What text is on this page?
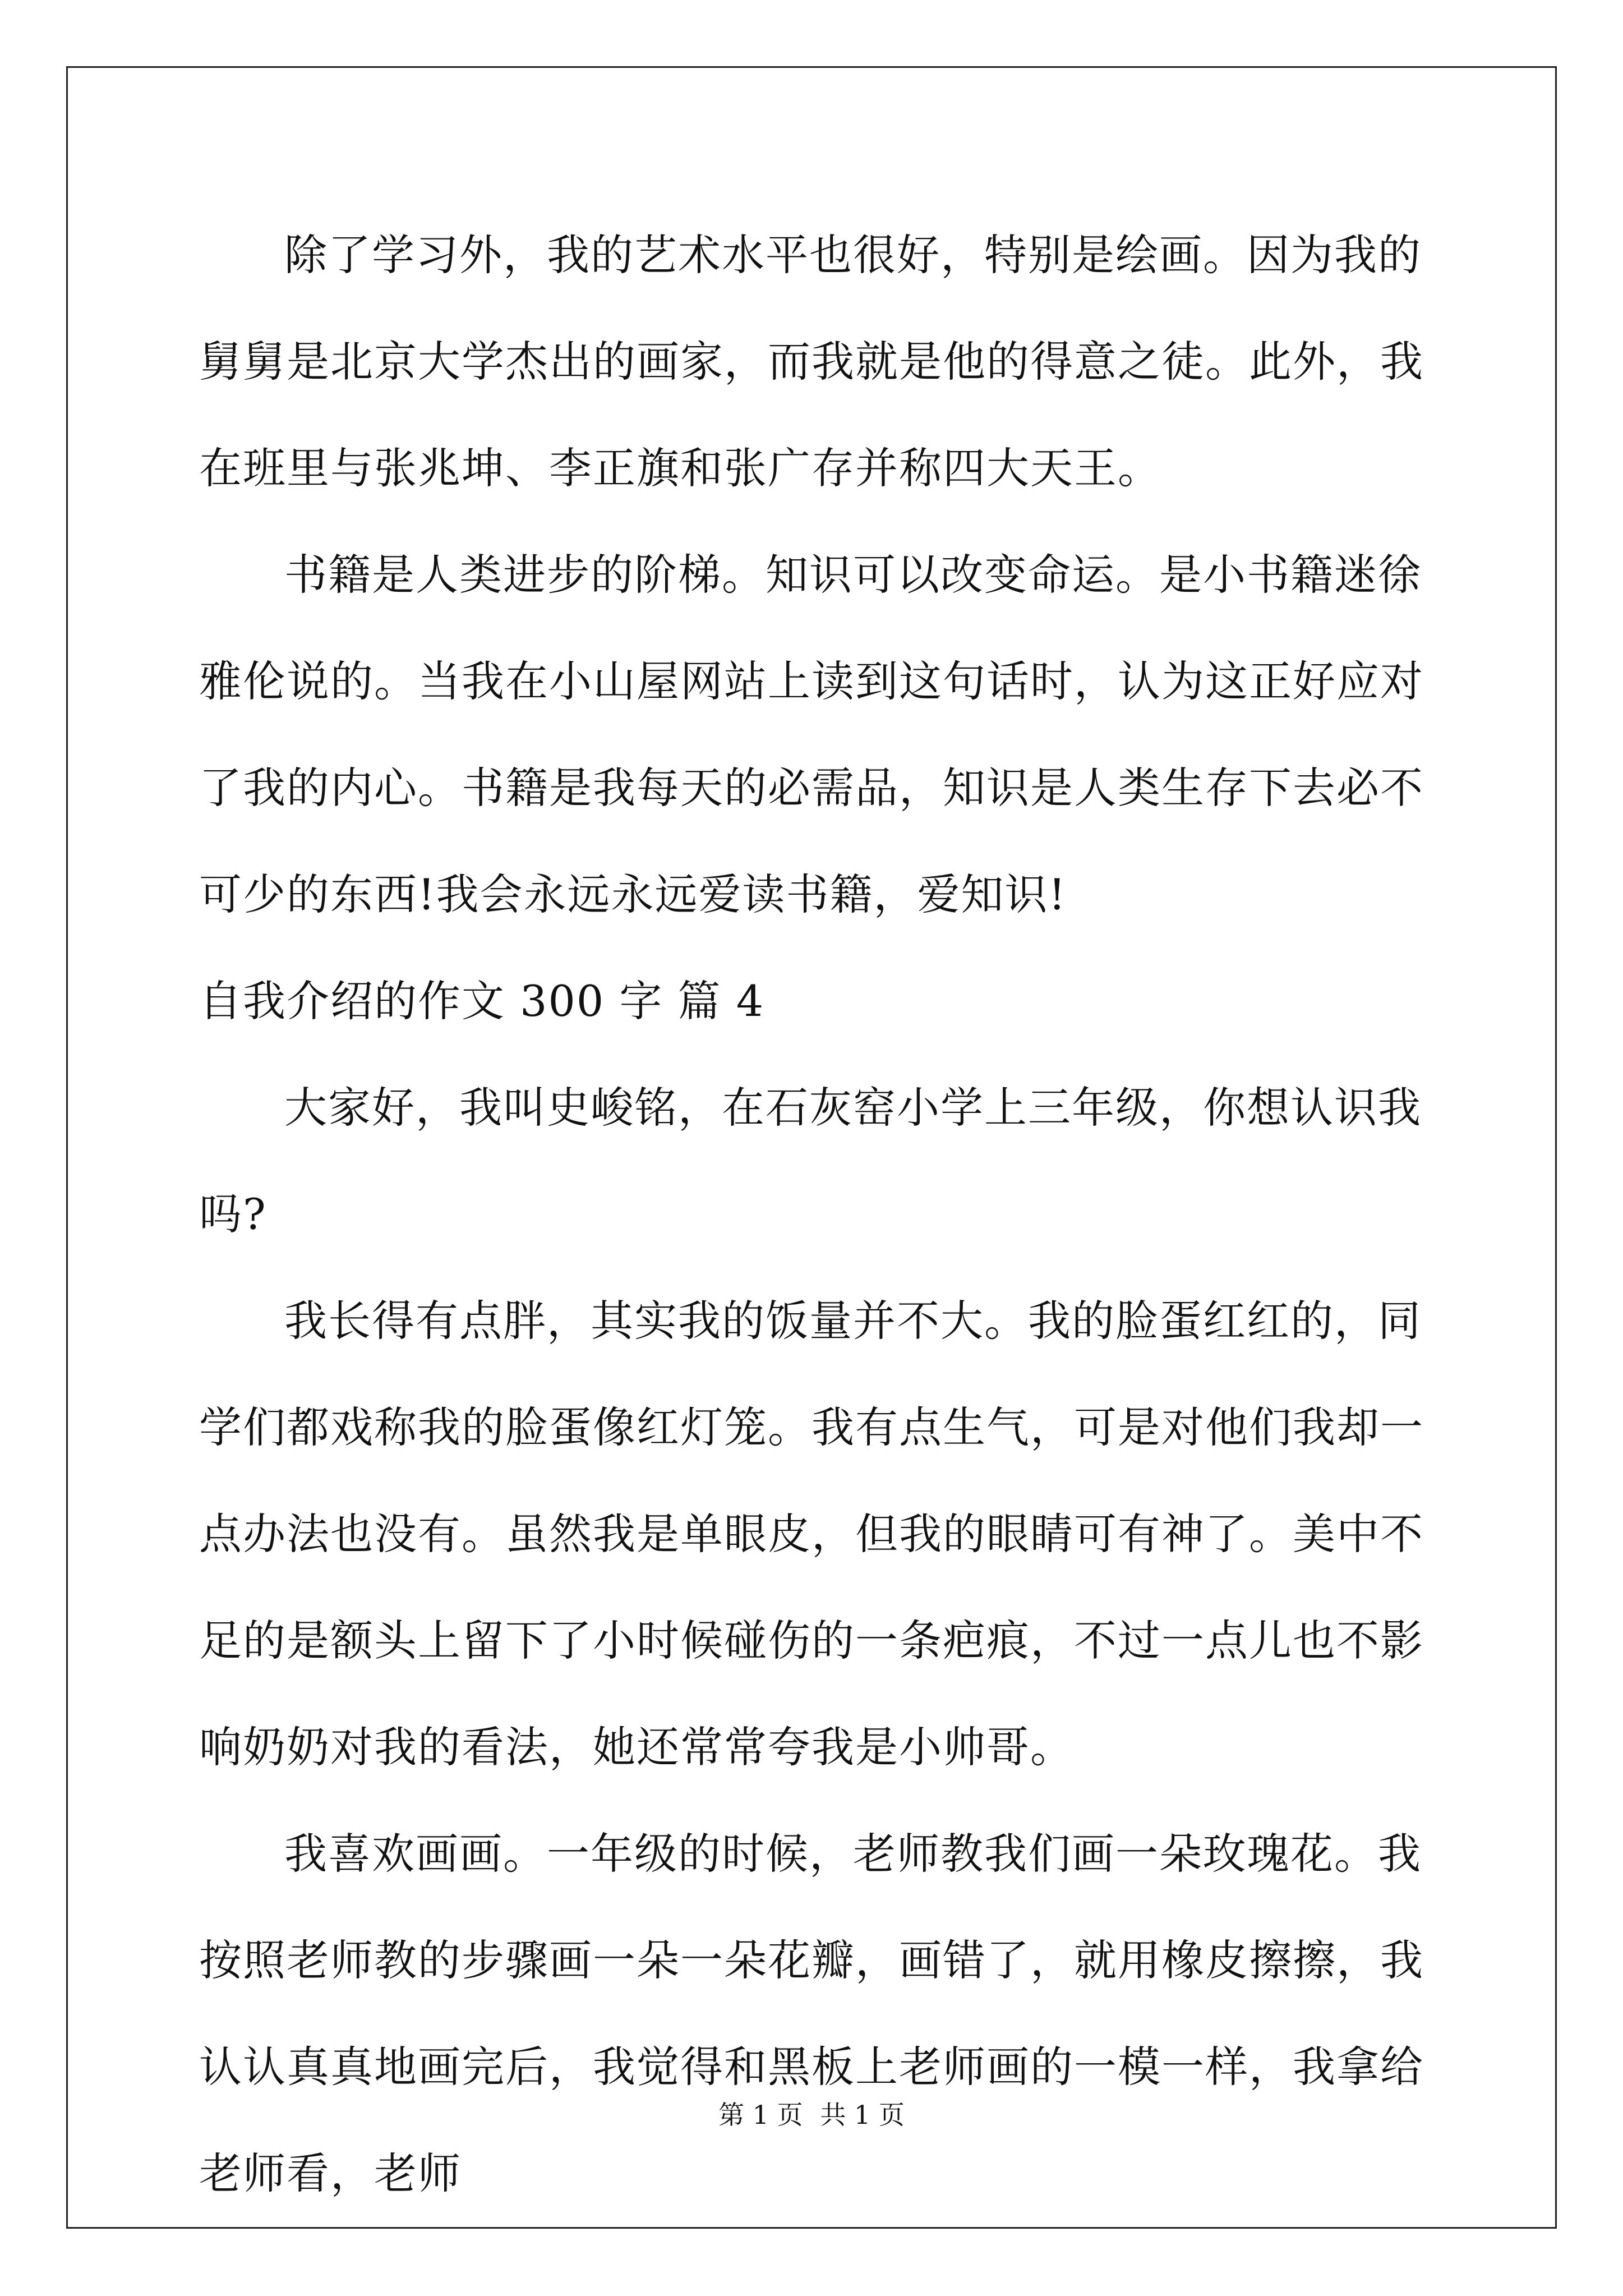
除了学习外，我的艺术水平也很好，特别是绘画。因为我的舅舅是北京大学杰出的画家，而我就是他的得意之徒。此外，我在班里与张兆坤、李正旗和张广存并称四大天王。

书籍是人类进步的阶梯。知识可以改变命运。是小书籍迷徐雅伦说的。当我在小山屋网站上读到这句话时，认为这正好应对了我的内心。书籍是我每天的必需品，知识是人类生存下去必不可少的东西!我会永远永远爱读书籍，爱知识!

自我介绍的作文 300 字 篇 4

大家好，我叫史峻铭，在石灰窑小学上三年级，你想认识我吗?

我长得有点胖，其实我的饭量并不大。我的脸蛋红红的，同学们都戏称我的脸蛋像红灯笼。我有点生气，可是对他们我却一点办法也没有。虽然我是单眼皮，但我的眼睛可有神了。美中不足的是额头上留下了小时候碰伤的一条疤痕，不过一点儿也不影响奶奶对我的看法，她还常常夸我是小帅哥。

我喜欢画画。一年级的时候，老师教我们画一朵玫瑰花。我按照老师教的步骤画一朵一朵花瓣，画错了，就用橡皮擦擦，我认认真真地画完后，我觉得和黑板上老师画的一模一样，我拿给老师看，老师

第 1 页 共 1 页
